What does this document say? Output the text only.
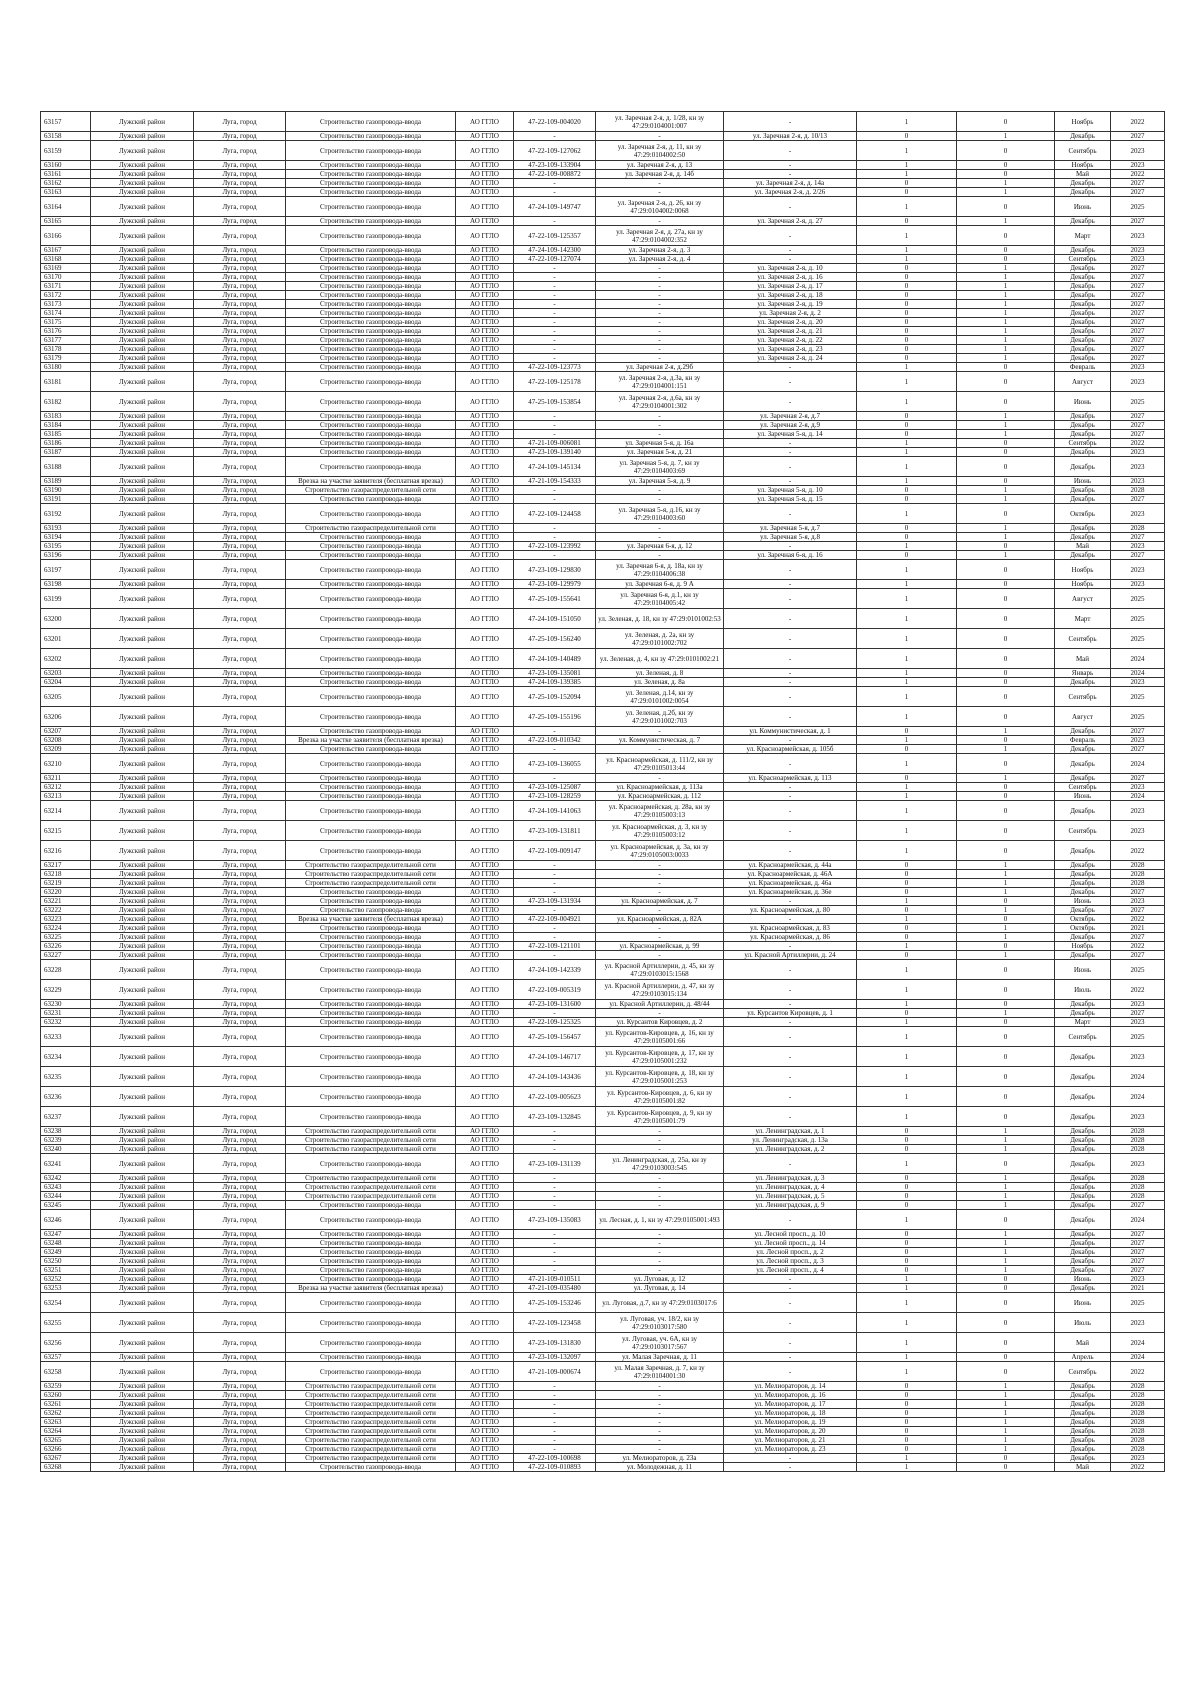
63157	Лужский район	Луга, город	Строительство газопровода-ввода	АО ГГЛО	47-22-109-004020	ул. Заречная 2-я, д. 1/28, кн зу 47:29:0104001:007	-	1	0	Ноябрь	2022
63158	Лужский район	Луга, город	Строительство газопровода-ввода	АО ГГЛО	-	-	ул. Заречная 2-я, д. 10/13	0	1	Декабрь	2027
63159	Лужский район	Луга, город	Строительство газопровода-ввода	АО ГГЛО	47-22-109-127062	ул. Заречная 2-я, д. 11, кн зу 47:29:0104002:50	-	1	0	Сентябрь	2023
63160	Лужский район	Луга, город	Строительство газопровода-ввода	АО ГГЛО	47-23-109-133904	ул. Заречная 2-я, д. 13	-	1	0	Ноябрь	2023
63161	Лужский район	Луга, город	Строительство газопровода-ввода	АО ГГЛО	47-22-109-008872	ул. Заречная 2-я, д. 14б	-	1	0	Май	2022
63162	Лужский район	Луга, город	Строительство газопровода-ввода	АО ГГЛО	-	-	ул. Заречная 2-я, д. 14а	0	1	Декабрь	2027
63163	Лужский район	Луга, город	Строительство газопровода-ввода	АО ГГЛО	-	-	ул. Заречная 2-я, д. 2/26	0	1	Декабрь	2027
63164	Лужский район	Луга, город	Строительство газопровода-ввода	АО ГГЛО	47-24-109-149747	ул. Заречная 2-я, д. 26, кн зу 47:29:0104002:0068	-	1	0	Июнь	2025
63165	Лужский район	Луга, город	Строительство газопровода-ввода	АО ГГЛО	-	-	ул. Заречная 2-я, д. 27	0	1	Декабрь	2027
63166	Лужский район	Луга, город	Строительство газопровода-ввода	АО ГГЛО	47-22-109-125357	ул. Заречная 2-я, д. 27а, кн зу 47:29:0104002:352	-	1	0	Март	2023
63167	Лужский район	Луга, город	Строительство газопровода-ввода	АО ГГЛО	47-24-109-142300	ул. Заречная 2-я, д. 3	-	1	0	Декабрь	2023
63168	Лужский район	Луга, город	Строительство газопровода-ввода	АО ГГЛО	47-22-109-127074	ул. Заречная 2-я, д. 4	-	1	0	Сентябрь	2023
63169	Лужский район	Луга, город	Строительство газопровода-ввода	АО ГГЛО	-	-	ул. Заречная 2-я, д. 10	0	1	Декабрь	2027
63170	Лужский район	Луга, город	Строительство газопровода-ввода	АО ГГЛО	-	-	ул. Заречная 2-я, д. 16	0	1	Декабрь	2027
63171	Лужский район	Луга, город	Строительство газопровода-ввода	АО ГГЛО	-	-	ул. Заречная 2-я, д. 17	0	1	Декабрь	2027
63172	Лужский район	Луга, город	Строительство газопровода-ввода	АО ГГЛО	-	-	ул. Заречная 2-я, д. 18	0	1	Декабрь	2027
63173	Лужский район	Луга, город	Строительство газопровода-ввода	АО ГГЛО	-	-	ул. Заречная 2-я, д. 19	0	1	Декабрь	2027
63174	Лужский район	Луга, город	Строительство газопровода-ввода	АО ГГЛО	-	-	ул. Заречная 2-я, д. 2	0	1	Декабрь	2027
63175	Лужский район	Луга, город	Строительство газопровода-ввода	АО ГГЛО	-	-	ул. Заречная 2-я, д. 20	0	1	Декабрь	2027
63176	Лужский район	Луга, город	Строительство газопровода-ввода	АО ГГЛО	-	-	ул. Заречная 2-я, д. 21	0	1	Декабрь	2027
63177	Лужский район	Луга, город	Строительство газопровода-ввода	АО ГГЛО	-	-	ул. Заречная 2-я, д. 22	0	1	Декабрь	2027
63178	Лужский район	Луга, город	Строительство газопровода-ввода	АО ГГЛО	-	-	ул. Заречная 2-я, д. 23	0	1	Декабрь	2027
63179	Лужский район	Луга, город	Строительство газопровода-ввода	АО ГГЛО	-	-	ул. Заречная 2-я, д. 24	0	1	Декабрь	2027
63180	Лужский район	Луга, город	Строительство газопровода-ввода	АО ГГЛО	47-22-109-123773	ул. Заречная 2-я, д.29б	-	1	0	Февраль	2023
63181	Лужский район	Луга, город	Строительство газопровода-ввода	АО ГГЛО	47-22-109-125178	ул. Заречная 2-я, д.3а, кн зу 47:29:0104001:151	-	1	0	Август	2023
63182	Лужский район	Луга, город	Строительство газопровода-ввода	АО ГГЛО	47-25-109-153854	ул. Заречная 2-я, д.6а, кн зу 47:29:0104001:302	-	1	0	Июнь	2025
63183	Лужский район	Луга, город	Строительство газопровода-ввода	АО ГГЛО	-	-	ул. Заречная 2-я, д.7	0	1	Декабрь	2027
63184	Лужский район	Луга, город	Строительство газопровода-ввода	АО ГГЛО	-	-	ул. Заречная 2-я, д.9	0	1	Декабрь	2027
63185	Лужский район	Луга, город	Строительство газопровода-ввода	АО ГГЛО	-	-	ул. Заречная 5-я, д. 14	0	1	Декабрь	2027
63186	Лужский район	Луга, город	Строительство газопровода-ввода	АО ГГЛО	47-21-109-006081	ул. Заречная 5-я, д. 16а	-	1	0	Сентябрь	2022
63187	Лужский район	Луга, город	Строительство газопровода-ввода	АО ГГЛО	47-23-109-139140	ул. Заречная 5-я, д. 21	-	1	0	Декабрь	2023
63188	Лужский район	Луга, город	Строительство газопровода-ввода	АО ГГЛО	47-24-109-145134	ул. Заречная 5-я, д. 7, кн зу 47:29:0104003:69	-	1	0	Декабрь	2023
63189	Лужский район	Луга, город	Врезка на участке заявителя (бесплатная врезка)	АО ГГЛО	47-21-109-154333	ул. Заречная 5-я, д. 9	-	1	0	Июнь	2023
63190	Лужский район	Луга, город	Строительство газораспределительной сети	АО ГГЛО	-	-	ул. Заречная 5-я, д. 10	0	1	Декабрь	2028
63191	Лужский район	Луга, город	Строительство газопровода-ввода	АО ГГЛО	-	-	ул. Заречная 5-я, д. 15	0	1	Декабрь	2027
63192	Лужский район	Луга, город	Строительство газопровода-ввода	АО ГГЛО	47-22-109-124458	ул. Заречная 5-я, д.16, кн зу 47:29:0104003:60	-	1	0	Октябрь	2023
63193	Лужский район	Луга, город	Строительство газораспределительной сети	АО ГГЛО	-	-	ул. Заречная 5-я, д.7	0	1	Декабрь	2028
63194	Лужский район	Луга, город	Строительство газопровода-ввода	АО ГГЛО	-	-	ул. Заречная 5-я, д.8	0	1	Декабрь	2027
63195	Лужский район	Луга, город	Строительство газопровода-ввода	АО ГГЛО	47-22-109-123992	ул. Заречная 6-я, д. 12	-	1	0	Май	2023
63196	Лужский район	Луга, город	Строительство газопровода-ввода	АО ГГЛО	-	-	ул. Заречная 6-я, д. 16	0	1	Декабрь	2027
63197	Лужский район	Луга, город	Строительство газопровода-ввода	АО ГГЛО	47-23-109-129830	ул. Заречная 6-я, д. 18а, кн зу 47:29:0104006:38	-	1	0	Ноябрь	2023
63198	Лужский район	Луга, город	Строительство газопровода-ввода	АО ГГЛО	47-23-109-129979	ул. Заречная 6-я, д. 9 А	-	1	0	Ноябрь	2023
63199	Лужский район	Луга, город	Строительство газопровода-ввода	АО ГГЛО	47-25-109-155641	ул. Заречная 6-я, д.1, кн зу 47:29:0104005:42	-	1	0	Август	2025
63200	Лужский район	Луга, город	Строительство газопровода-ввода	АО ГГЛО	47-24-109-151050	ул. Зеленая, д. 18, кн зу 47:29:0101002:53	-	1	0	Март	2025
63201	Лужский район	Луга, город	Строительство газопровода-ввода	АО ГГЛО	47-25-109-156240	ул. Зеленая, д. 2а, кн зу 47:29:0101002:702	-	1	0	Сентябрь	2025
63202	Лужский район	Луга, город	Строительство газопровода-ввода	АО ГГЛО	47-24-109-140489	ул. Зеленая, д. 4, кн зу 47:29:0101002:21	-	1	0	Май	2024
63203	Лужский район	Луга, город	Строительство газопровода-ввода	АО ГГЛО	47-23-109-135081	ул. Зеленая, д. 8	-	1	0	Январь	2024
63204	Лужский район	Луга, город	Строительство газопровода-ввода	АО ГГЛО	47-24-109-139385	ул. Зеленая, д. 8а	-	1	0	Декабрь	2023
63205	Лужский район	Луга, город	Строительство газопровода-ввода	АО ГГЛО	47-25-109-152094	ул. Зеленая, д.14, кн зу 47:29:0101002:0054	-	1	0	Сентябрь	2025
63206	Лужский район	Луга, город	Строительство газопровода-ввода	АО ГГЛО	47-25-109-155196	ул. Зеленая, д.2б, кн зу 47:29:0101002:703	-	1	0	Август	2025
63207	Лужский район	Луга, город	Строительство газопровода-ввода	АО ГГЛО	-	-	ул. Коммунистическая, д. 1	0	1	Декабрь	2027
63208	Лужский район	Луга, город	Врезка на участке заявителя (бесплатная врезка)	АО ГГЛО	47-22-109-010342	ул. Коммунистическая, д. 7	-	1	0	Февраль	2023
63209	Лужский район	Луга, город	Строительство газопровода-ввода	АО ГГЛО	-	-	ул. Красноармейская, д. 105б	0	1	Декабрь	2027
63210	Лужский район	Луга, город	Строительство газопровода-ввода	АО ГГЛО	47-23-109-136055	ул. Красноармейская, д. 111/2, кн зу 47:29:0105013:44	-	1	0	Декабрь	2024
63211	Лужский район	Луга, город	Строительство газопровода-ввода	АО ГГЛО	-	-	ул. Красноармейская, д. 113	0	1	Декабрь	2027
63212	Лужский район	Луга, город	Строительство газопровода-ввода	АО ГГЛО	47-23-109-125087	ул. Красноармейская, д. 113а	-	1	0	Сентябрь	2023
63213	Лужский район	Луга, город	Строительство газопровода-ввода	АО ГГЛО	47-23-109-128259	ул. Красноармейская, д. 112	-	1	0	Июнь	2024
63214	Лужский район	Луга, город	Строительство газопровода-ввода	АО ГГЛО	47-24-109-141063	ул. Красноармейская, д. 28а, кн зу 47:29:0105003:13	-	1	0	Декабрь	2023
63215	Лужский район	Луга, город	Строительство газопровода-ввода	АО ГГЛО	47-23-109-131811	ул. Красноармейская, д. 3, кн зу 47:29:0105003:12	-	1	0	Сентябрь	2023
63216	Лужский район	Луга, город	Строительство газопровода-ввода	АО ГГЛО	47-22-109-009147	ул. Красноармейская, д. 3а, кн зу 47:29:0105003:0033	-	1	0	Декабрь	2022
63217	Лужский район	Луга, город	Строительство газораспределительной сети	АО ГГЛО	-	-	ул. Красноармейская, д. 44а	0	1	Декабрь	2028
63218	Лужский район	Луга, город	Строительство газораспределительной сети	АО ГГЛО	-	-	ул. Красноармейская, д. 46А	0	1	Декабрь	2028
63219	Лужский район	Луга, город	Строительство газораспределительной сети	АО ГГЛО	-	-	ул. Красноармейская, д. 46а	0	1	Декабрь	2028
63220	Лужский район	Луга, город	Строительство газопровода-ввода	АО ГГЛО	-	-	ул. Красноармейская, д. 36е	0	1	Декабрь	2027
63221	Лужский район	Луга, город	Строительство газопровода-ввода	АО ГГЛО	47-23-109-131934	ул. Красноармейская, д. 7	-	1	0	Июнь	2023
63222	Лужский район	Луга, город	Строительство газопровода-ввода	АО ГГЛО	-	-	ул. Красноармейская, д. 80	0	1	Декабрь	2027
63223	Лужский район	Луга, город	Врезка на участке заявителя (бесплатная врезка)	АО ГГЛО	47-22-109-004921	ул. Красноармейская, д. 82А	-	1	0	Октябрь	2022
63224	Лужский район	Луга, город	Строительство газопровода-ввода	АО ГГЛО	-	-	ул. Красноармейская, д. 83	0	1	Октябрь	2021
63225	Лужский район	Луга, город	Строительство газопровода-ввода	АО ГГЛО	-	-	ул. Красноармейская, д. 86	0	1	Декабрь	2027
63226	Лужский район	Луга, город	Строительство газопровода-ввода	АО ГГЛО	47-22-109-121101	ул. Красноармейская, д. 99	-	1	0	Ноябрь	2022
63227	Лужский район	Луга, город	Строительство газопровода-ввода	АО ГГЛО	-	-	ул. Красной Артиллерии, д. 24	0	1	Декабрь	2027
63228	Лужский район	Луга, город	Строительство газопровода-ввода	АО ГГЛО	47-24-109-142339	ул. Красной Артиллерии, д. 45, кн зу 47:29:0103015:1568	-	1	0	Июнь	2025
63229	Лужский район	Луга, город	Строительство газопровода-ввода	АО ГГЛО	47-22-109-005319	ул. Красной Артиллерии, д. 47, кн зу 47:29:0103015:134	-	1	0	Июль	2022
63230	Лужский район	Луга, город	Строительство газопровода-ввода	АО ГГЛО	47-23-109-131600	ул. Красной Артиллерии, д. 48/44	-	1	0	Декабрь	2023
63231	Лужский район	Луга, город	Строительство газопровода-ввода	АО ГГЛО	-	-	ул. Курсантов Кировцев, д. 1	0	1	Декабрь	2027
63232	Лужский район	Луга, город	Строительство газопровода-ввода	АО ГГЛО	47-22-109-125325	ул. Курсантов Кировцев, д. 2	-	1	0	Март	2023
63233	Лужский район	Луга, город	Строительство газопровода-ввода	АО ГГЛО	47-25-109-156457	ул. Курсантов-Кировцев, д. 16, кн зу 47:29:0105001:66	-	1	0	Сентябрь	2025
63234	Лужский район	Луга, город	Строительство газопровода-ввода	АО ГГЛО	47-24-109-146717	ул. Курсантов-Кировцев, д. 17, кн зу 47:29:0105001:232	-	1	0	Декабрь	2023
63235	Лужский район	Луга, город	Строительство газопровода-ввода	АО ГГЛО	47-24-109-143436	ул. Курсантов-Кировцев, д. 18, кн зу 47:29:0105001:253	-	1	0	Декабрь	2024
63236	Лужский район	Луга, город	Строительство газопровода-ввода	АО ГГЛО	47-22-109-005623	ул. Курсантов-Кировцев, д. 6, кн зу 47:29:0105001:82	-	1	0	Декабрь	2024
63237	Лужский район	Луга, город	Строительство газопровода-ввода	АО ГГЛО	47-23-109-132845	ул. Курсантов-Кировцев, д. 9, кн зу 47:29:0105001:79	-	1	0	Декабрь	2023
63238	Лужский район	Луга, город	Строительство газораспределительной сети	АО ГГЛО	-	-	ул. Ленинградская, д. 1	0	1	Декабрь	2028
63239	Лужский район	Луга, город	Строительство газораспределительной сети	АО ГГЛО	-	-	ул. Ленинградская, д. 13а	0	1	Декабрь	2028
63240	Лужский район	Луга, город	Строительство газораспределительной сети	АО ГГЛО	-	-	ул. Ленинградская, д. 2	0	1	Декабрь	2028
63241	Лужский район	Луга, город	Строительство газопровода-ввода	АО ГГЛО	47-23-109-131139	ул. Ленинградская, д. 25а, кн зу 47:29:0103003:545	-	1	0	Декабрь	2023
63242	Лужский район	Луга, город	Строительство газораспределительной сети	АО ГГЛО	-	-	ул. Ленинградская, д. 3	0	1	Декабрь	2028
63243	Лужский район	Луга, город	Строительство газораспределительной сети	АО ГГЛО	-	-	ул. Ленинградская, д. 4	0	1	Декабрь	2028
63244	Лужский район	Луга, город	Строительство газораспределительной сети	АО ГГЛО	-	-	ул. Ленинградская, д. 5	0	1	Декабрь	2028
63245	Лужский район	Луга, город	Строительство газопровода-ввода	АО ГГЛО	-	-	ул. Ленинградская, д. 9	0	1	Декабрь	2027
63246	Лужский район	Луга, город	Строительство газопровода-ввода	АО ГГЛО	47-23-109-135083	ул. Лесная, д. 1, кн зу 47:29:0105001:493	-	1	0	Декабрь	2024
63247	Лужский район	Луга, город	Строительство газопровода-ввода	АО ГГЛО	-	-	ул. Лесной просп., д. 10	0	1	Декабрь	2027
63248	Лужский район	Луга, город	Строительство газопровода-ввода	АО ГГЛО	-	-	ул. Лесной просп., д. 14	0	1	Декабрь	2027
63249	Лужский район	Луга, город	Строительство газопровода-ввода	АО ГГЛО	-	-	ул. Лесной просп., д. 2	0	1	Декабрь	2027
63250	Лужский район	Луга, город	Строительство газопровода-ввода	АО ГГЛО	-	-	ул. Лесной просп., д. 3	0	1	Декабрь	2027
63251	Лужский район	Луга, город	Строительство газопровода-ввода	АО ГГЛО	-	-	ул. Лесной просп., д. 4	0	1	Декабрь	2027
63252	Лужский район	Луга, город	Строительство газопровода-ввода	АО ГГЛО	47-21-109-010511	ул. Луговая, д. 12	-	1	0	Июнь	2023
63253	Лужский район	Луга, город	Врезка на участке заявителя (бесплатная врезка)	АО ГГЛО	47-21-109-035480	ул. Луговая, д. 14	-	1	0	Декабрь	2021
63254	Лужский район	Луга, город	Строительство газопровода-ввода	АО ГГЛО	47-25-109-153246	ул. Луговая, д.7, кн зу 47:29:0103017:6	-	1	0	Июнь	2025
63255	Лужский район	Луга, город	Строительство газопровода-ввода	АО ГГЛО	47-22-109-123458	ул. Луговая, уч. 18/2, кн зу 47:29:0103017:580	-	1	0	Июль	2023
63256	Лужский район	Луга, город	Строительство газопровода-ввода	АО ГГЛО	47-23-109-131830	ул. Луговая, уч. 6А, кн зу 47:29:0103017:567	-	1	0	Май	2024
63257	Лужский район	Луга, город	Строительство газопровода-ввода	АО ГГЛО	47-23-109-132097	ул. Малая Заречная, д. 11	-	1	0	Апрель	2024
63258	Лужский район	Луга, город	Строительство газопровода-ввода	АО ГГЛО	47-21-109-000674	ул. Малая Заречная, д. 7, кн зу 47:29:0104001:30	-	1	0	Сентябрь	2022
63259	Лужский район	Луга, город	Строительство газораспределительной сети	АО ГГЛО	-	-	ул. Мелиораторов, д. 14	0	1	Декабрь	2028
63260	Лужский район	Луга, город	Строительство газораспределительной сети	АО ГГЛО	-	-	ул. Мелиораторов, д. 16	0	1	Декабрь	2028
63261	Лужский район	Луга, город	Строительство газораспределительной сети	АО ГГЛО	-	-	ул. Мелиораторов, д. 17	0	1	Декабрь	2028
63262	Лужский район	Луга, город	Строительство газораспределительной сети	АО ГГЛО	-	-	ул. Мелиораторов, д. 18	0	1	Декабрь	2028
63263	Лужский район	Луга, город	Строительство газораспределительной сети	АО ГГЛО	-	-	ул. Мелиораторов, д. 19	0	1	Декабрь	2028
63264	Лужский район	Луга, город	Строительство газораспределительной сети	АО ГГЛО	-	-	ул. Мелиораторов, д. 20	0	1	Декабрь	2028
63265	Лужский район	Луга, город	Строительство газораспределительной сети	АО ГГЛО	-	-	ул. Мелиораторов, д. 21	0	1	Декабрь	2028
63266	Лужский район	Луга, город	Строительство газораспределительной сети	АО ГГЛО	-	-	ул. Мелиораторов, д. 23	0	1	Декабрь	2028
63267	Лужский район	Луга, город	Строительство газораспределительной сети	АО ГГЛО	47-22-109-100698	ул. Мелиораторов, д. 23а	-	1	0	Декабрь	2023
63268	Лужский район	Луга, город	Строительство газопровода-ввода	АО ГГЛО	47-22-109-010893	ул. Молодежная, д. 11	-	1	0	Май	2022
